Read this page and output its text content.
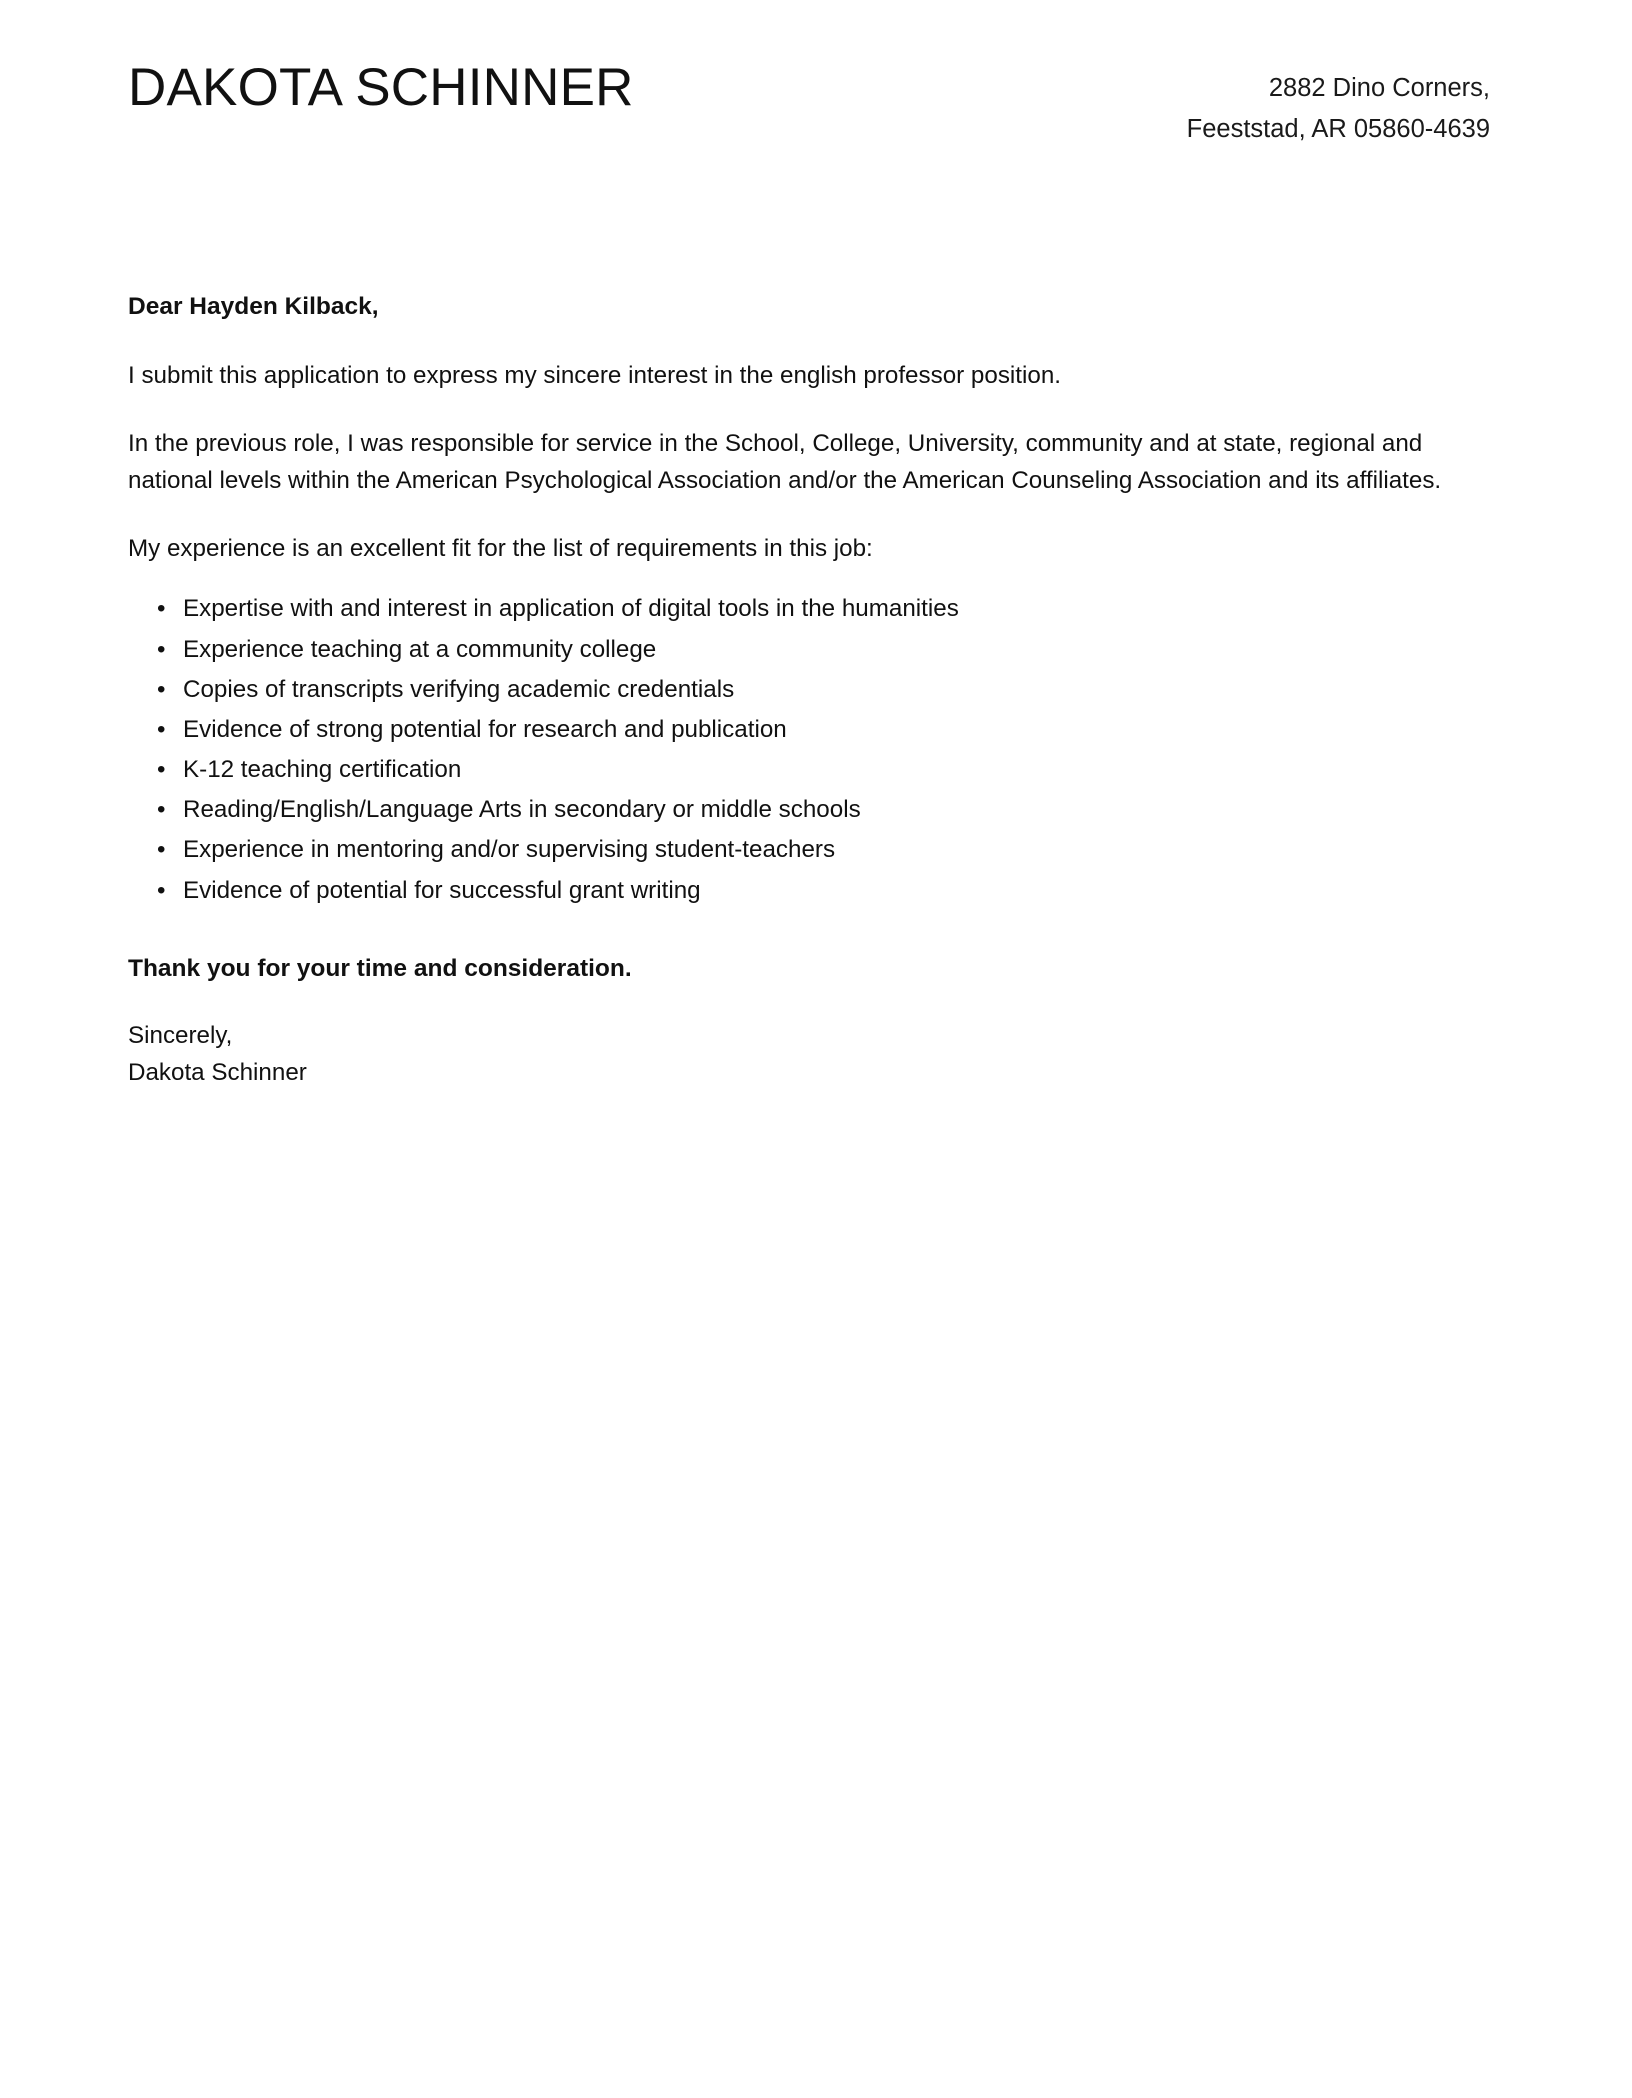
DAKOTA SCHINNER	2882 Dino Corners,
Feeststad, AR 05860-4639

Dear Hayden Kilback,

I submit this application to express my sincere interest in the english professor position.

In the previous role, I was responsible for service in the School, College, University, community and at state, regional and national levels within the American Psychological Association and/or the American Counseling Association and its affiliates.

My experience is an excellent fit for the list of requirements in this job:

• Expertise with and interest in application of digital tools in the humanities
• Experience teaching at a community college
• Copies of transcripts verifying academic credentials
• Evidence of strong potential for research and publication
• K-12 teaching certification
• Reading/English/Language Arts in secondary or middle schools
• Experience in mentoring and/or supervising student-teachers
• Evidence of potential for successful grant writing

Thank you for your time and consideration.

Sincerely,
Dakota Schinner
